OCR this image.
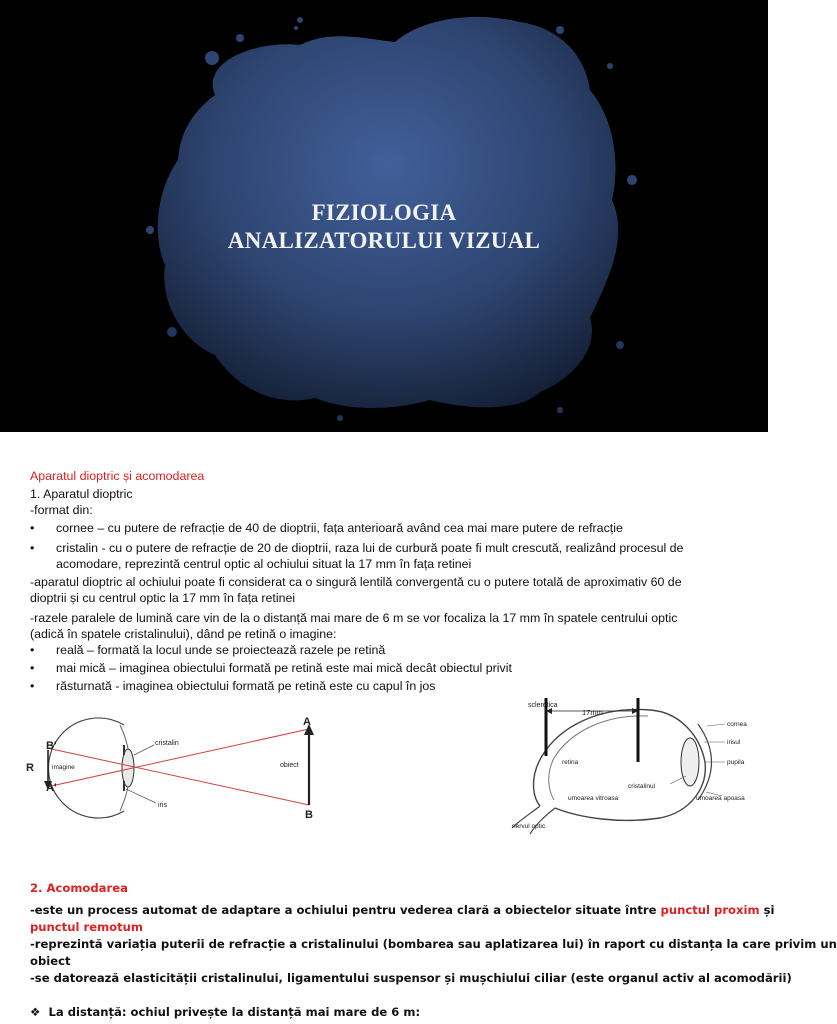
FIZIOLOGIA
ANALIZATORULUI VIZUAL
Aparatul dioptric și acomodarea
1. Aparatul dioptric
-format din:
• cornee – cu putere de refracție de 40 de dioptrii, fața anterioară având cea mai mare putere de refracție
• cristalin - cu o putere de refracție de 20 de dioptrii, raza lui de curbură poate fi mult crescută, realizând procesul de
acomodare, reprezintă centrul optic al ochiului situat la 17 mm în fața retinei
-aparatul dioptric al ochiului poate fi considerat ca o singură lentilă convergentă cu o putere totală de aproximativ 60 de
dioptrii și cu centrul optic la 17 mm în fața retinei
-razele paralele de lumină care vin de la o distanță mai mare de 6 m se vor focaliza la 17 mm în spatele centrului optic
(adică în spatele cristalinului), dând pe retină o imagine:
• reală – formată la locul unde se proiectează razele pe retină
• mai mică – imaginea obiectului formată pe retină este mai mică decât obiectul privit
• răsturnată - imaginea obiectului formată pe retină este cu capul în jos
B'
R
A'
imagine
cristalin
iris
obiect
A
B
sclerotica
17mm
cornea
irisul
pupila
retina
cristalinul
umoarea vitroasa	umoarea apoasa
nervul optic
2. Acomodarea
-este un process automat de adaptare a ochiului pentru vederea clară a obiectelor situate între punctul proxim și
punctul remotum
-reprezintă variația puterii de refracție a cristalinului (bombarea sau aplatizarea lui) în raport cu distanța la care privim un
obiect
-se datorează elasticității cristalinului, ligamentului suspensor și mușchiului ciliar (este organul activ al acomodării)
❖ La distanță: ochiul privește la distanță mai mare de 6 m:
